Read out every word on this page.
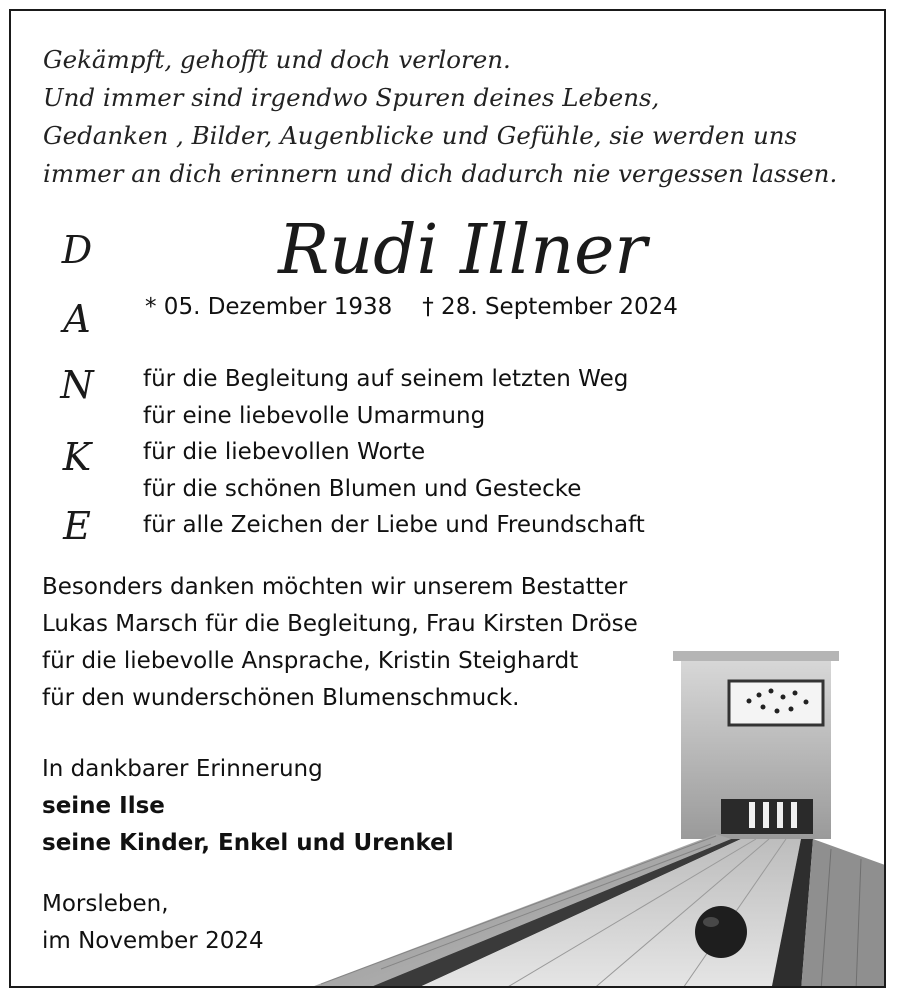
Gekämpft, gehofft und doch verloren.
Und immer sind irgendwo Spuren deines Lebens,
Gedanken , Bilder, Augenblicke und Gefühle, sie werden uns
immer an dich erinnern und dich dadurch nie vergessen lassen.
Rudi Illner
* 05. Dezember 1938 † 28. September 2024
D
A
N
K
E
für die Begleitung auf seinem letzten Weg
für eine liebevolle Umarmung
für die liebevollen Worte
für die schönen Blumen und Gestecke
für alle Zeichen der Liebe und Freundschaft
Besonders danken möchten wir unserem Bestatter
Lukas Marsch für die Begleitung, Frau Kirsten Dröse
für die liebevolle Ansprache, Kristin Steighardt
für den wunderschönen Blumenschmuck.
In dankbarer Erinnerung
seine Ilse
seine Kinder, Enkel und Urenkel
Morsleben,
im November 2024
